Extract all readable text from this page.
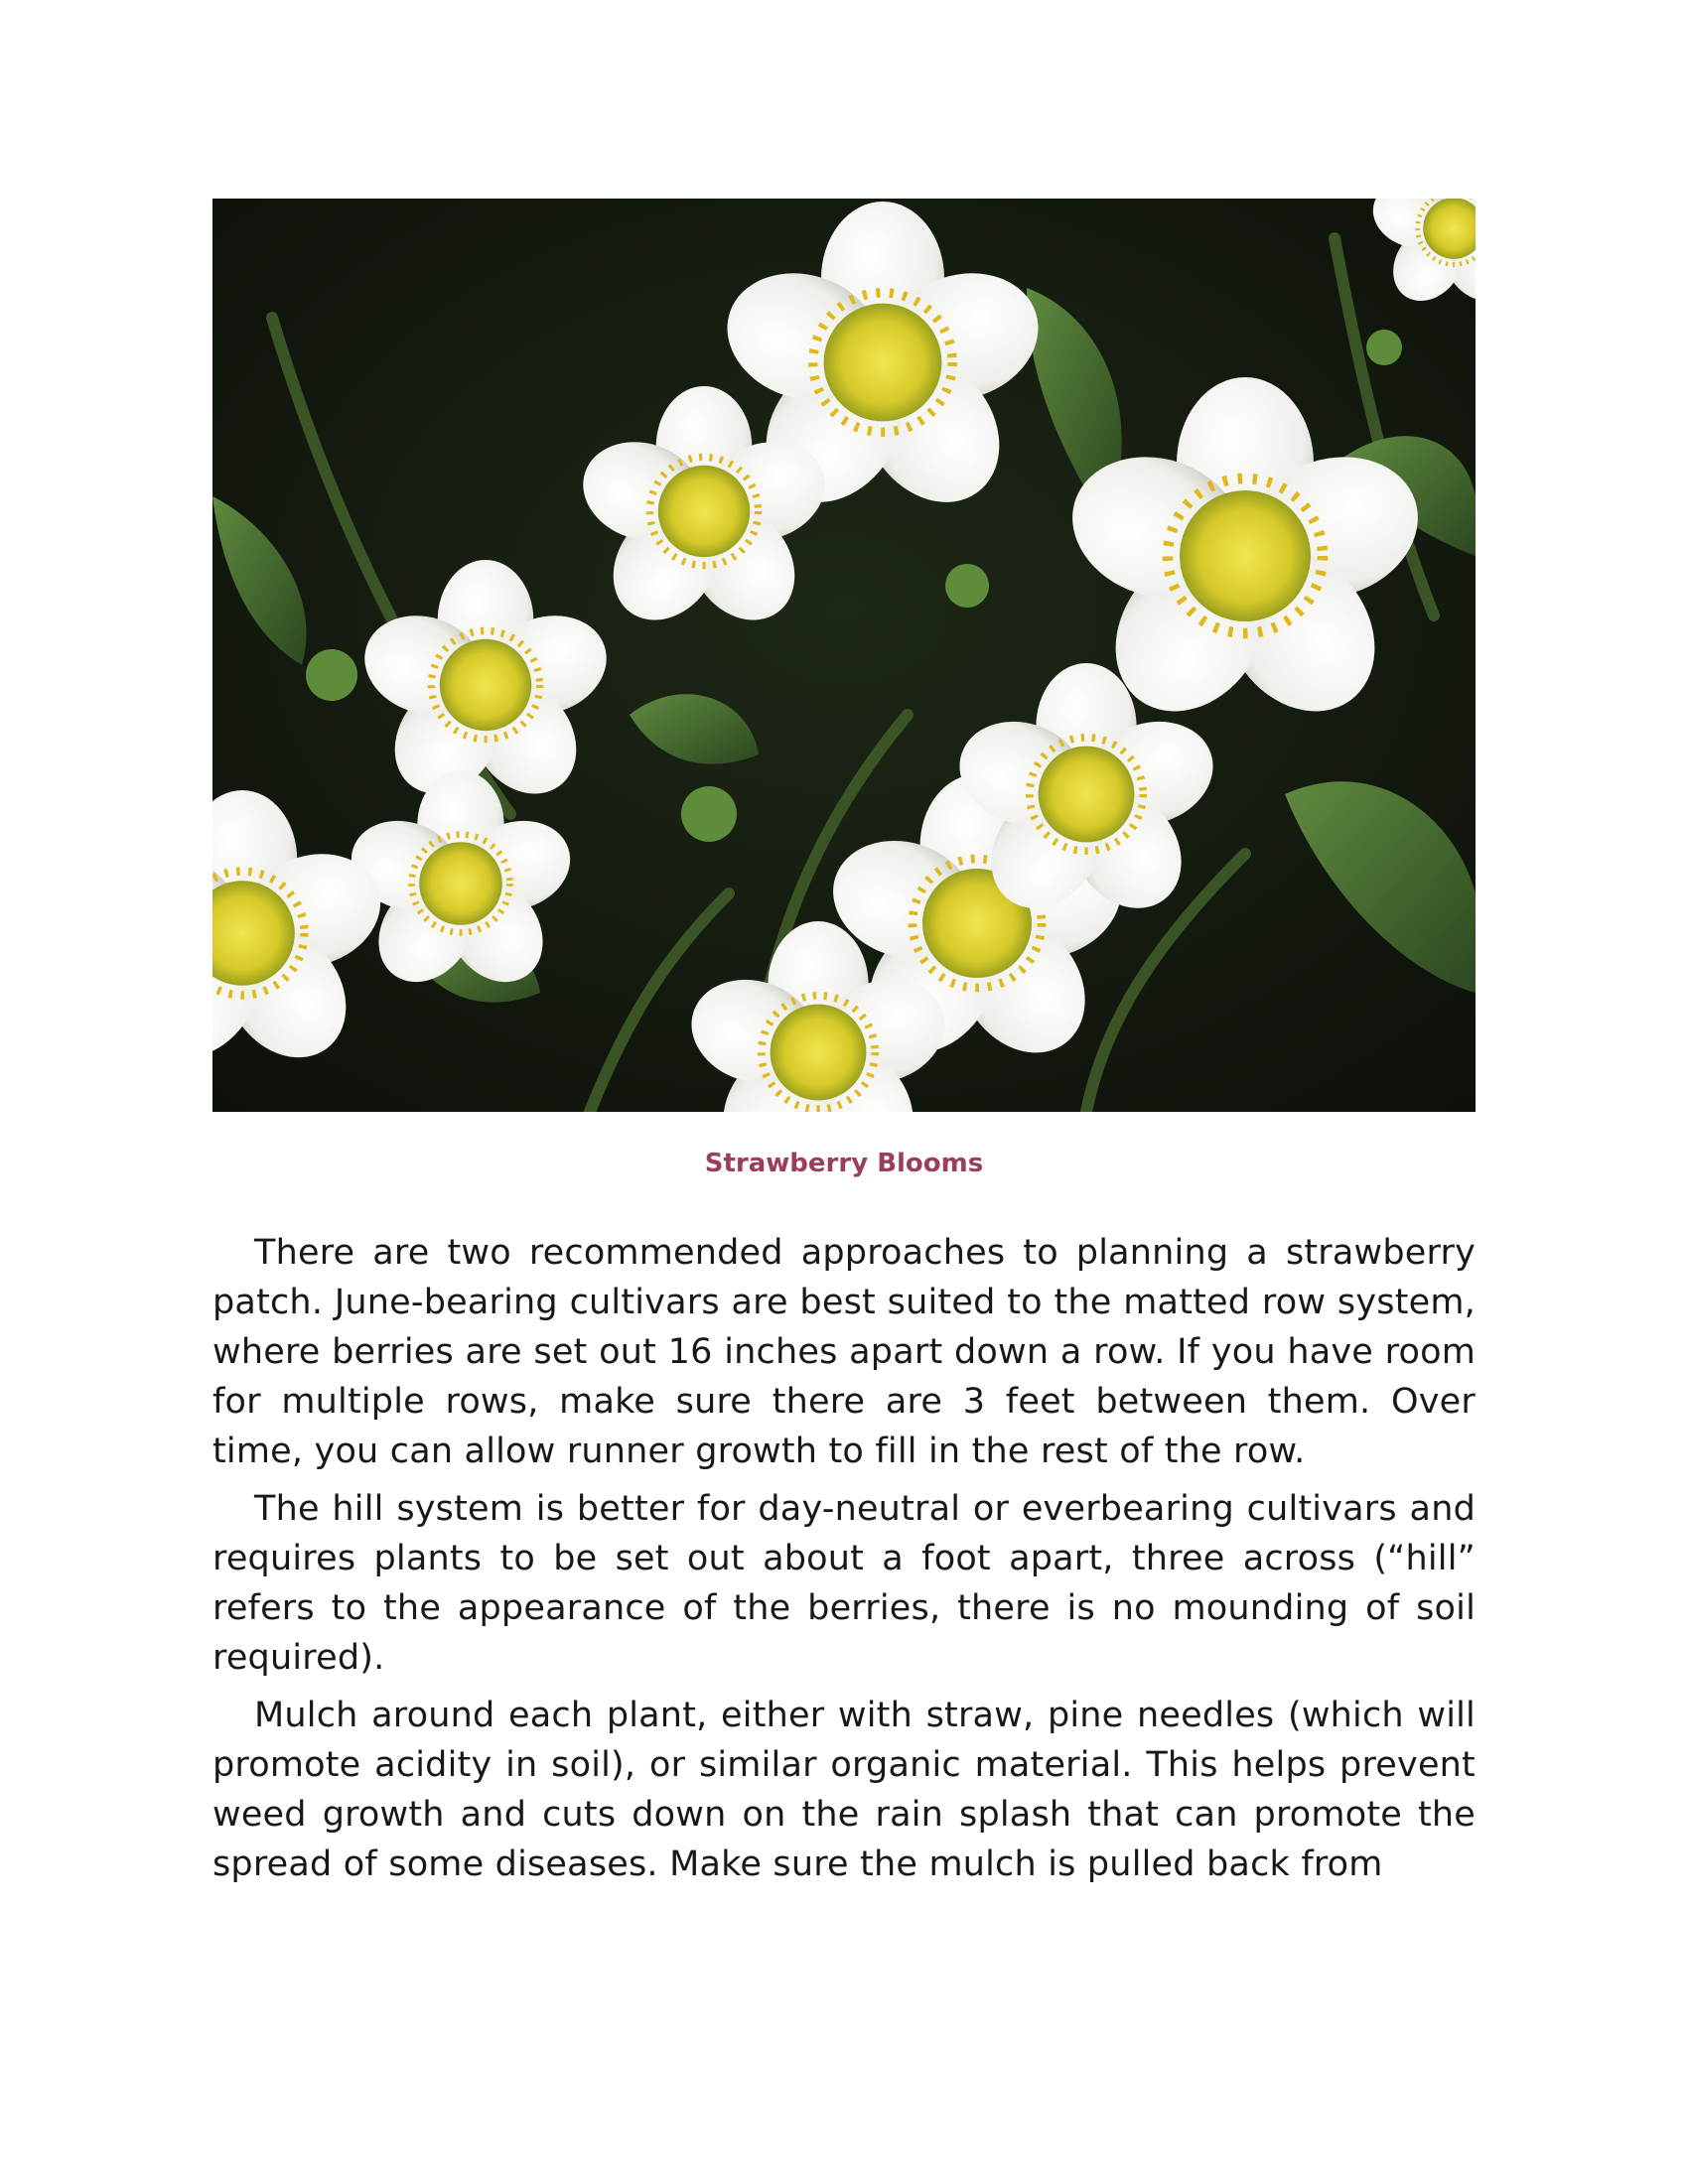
Strawberry Blooms

There are two recommended approaches to planning a strawberry patch. June-bearing cultivars are best suited to the matted row system, where berries are set out 16 inches apart down a row. If you have room for multiple rows, make sure there are 3 feet between them. Over time, you can allow runner growth to fill in the rest of the row.

The hill system is better for day-neutral or everbearing cultivars and requires plants to be set out about a foot apart, three across (“hill” refers to the appearance of the berries, there is no mounding of soil required).

Mulch around each plant, either with straw, pine needles (which will promote acidity in soil), or similar organic material. This helps prevent weed growth and cuts down on the rain splash that can promote the spread of some diseases. Make sure the mulch is pulled back from
